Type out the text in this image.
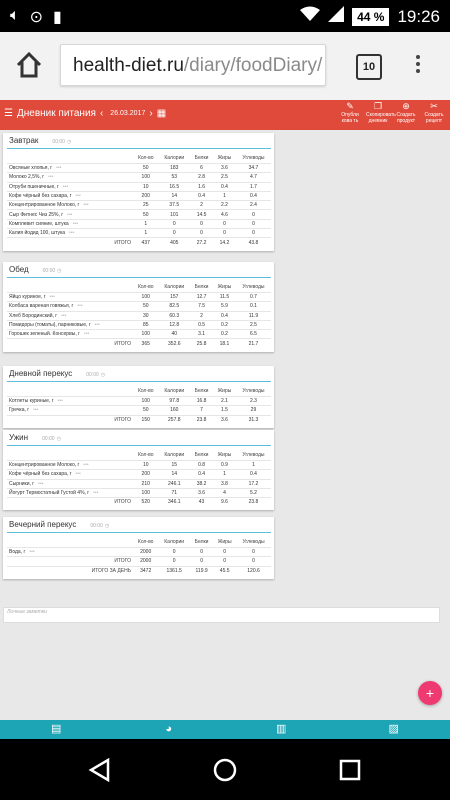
🔈︎ ⊙ ▮	44 % 19:26
health-diet.ru/diary/foodDiary/	10
☰ Дневник питания ‹ 26.03.2017 › ▦
✎
Опубли кова ть
❐
Скопировать дневник
⊕
Создать продукт
✂
Создать рецепт
Личные заметки
Завтрак	00:00 ◷
	Кол-во	Калории	Белки	Жиры	Углеводы
Овсяные хлопья, г •••	50	183	6	3.6	34.7
Молоко 2,5%, г •••	100	53	2.8	2.5	4.7
Отруби пшеничные, г •••	10	16.5	1.6	0.4	1.7
Кофе чёрный без сахара, г •••	200	14	0.4	1	0.4
Концентрированное Молоко, г •••	25	37.5	2	2.2	2.4
Сыр Фитнес Чиз 25%, г •••	50	101	14.5	4.6	0
Комплевит сияние, штука •••	1	0	0	0	0
Калия йодид 100, штука •••	1	0	0	0	0
ИТОГО	437	405	27.2	14.2	43.8
Обед	00:00 ◷
	Кол-во	Калории	Белки	Жиры	Углеводы
Яйцо куриное, г •••	100	157	12.7	11.5	0.7
Колбаса вареная говяжья, г •••	50	82.5	7.5	5.9	0.1
Хлеб Бородинский, г •••	30	60.3	2	0.4	11.9
Помидоры (томаты), парниковые, г •••	85	12.8	0.5	0.2	2.5
Горошек зеленый. Консервы, г •••	100	40	3.1	0.2	6.5
ИТОГО	365	352.6	25.8	18.1	21.7
Дневной перекус	00:00 ◷
	Кол-во	Калории	Белки	Жиры	Углеводы
Котлеты куриные, г •••	100	97.8	16.8	2.1	2.3
Гречка, г •••	50	160	7	1.5	29
ИТОГО	150	257.8	23.8	3.6	31.3
Ужин	00:00 ◷
	Кол-во	Калории	Белки	Жиры	Углеводы
Концентрированное Молоко, г •••	10	15	0.8	0.9	1
Кофе чёрный без сахара, г •••	200	14	0.4	1	0.4
Сырники, г •••	210	246.1	38.2	3.8	17.2
Йогурт Термостатный Густой 4%, г •••	100	71	3.6	4	5.2
ИТОГО	520	346.1	43	9.6	23.8
Вечерний перекус	00:00 ◷
	Кол-во	Калории	Белки	Жиры	Углеводы
Вода, г •••	2000	0	0	0	0
ИТОГО	2000	0	0	0	0
ИТОГО ЗА ДЕНЬ	3472	1361.5	119.9	45.5	120.6
+
▤	◕	▥	▨
